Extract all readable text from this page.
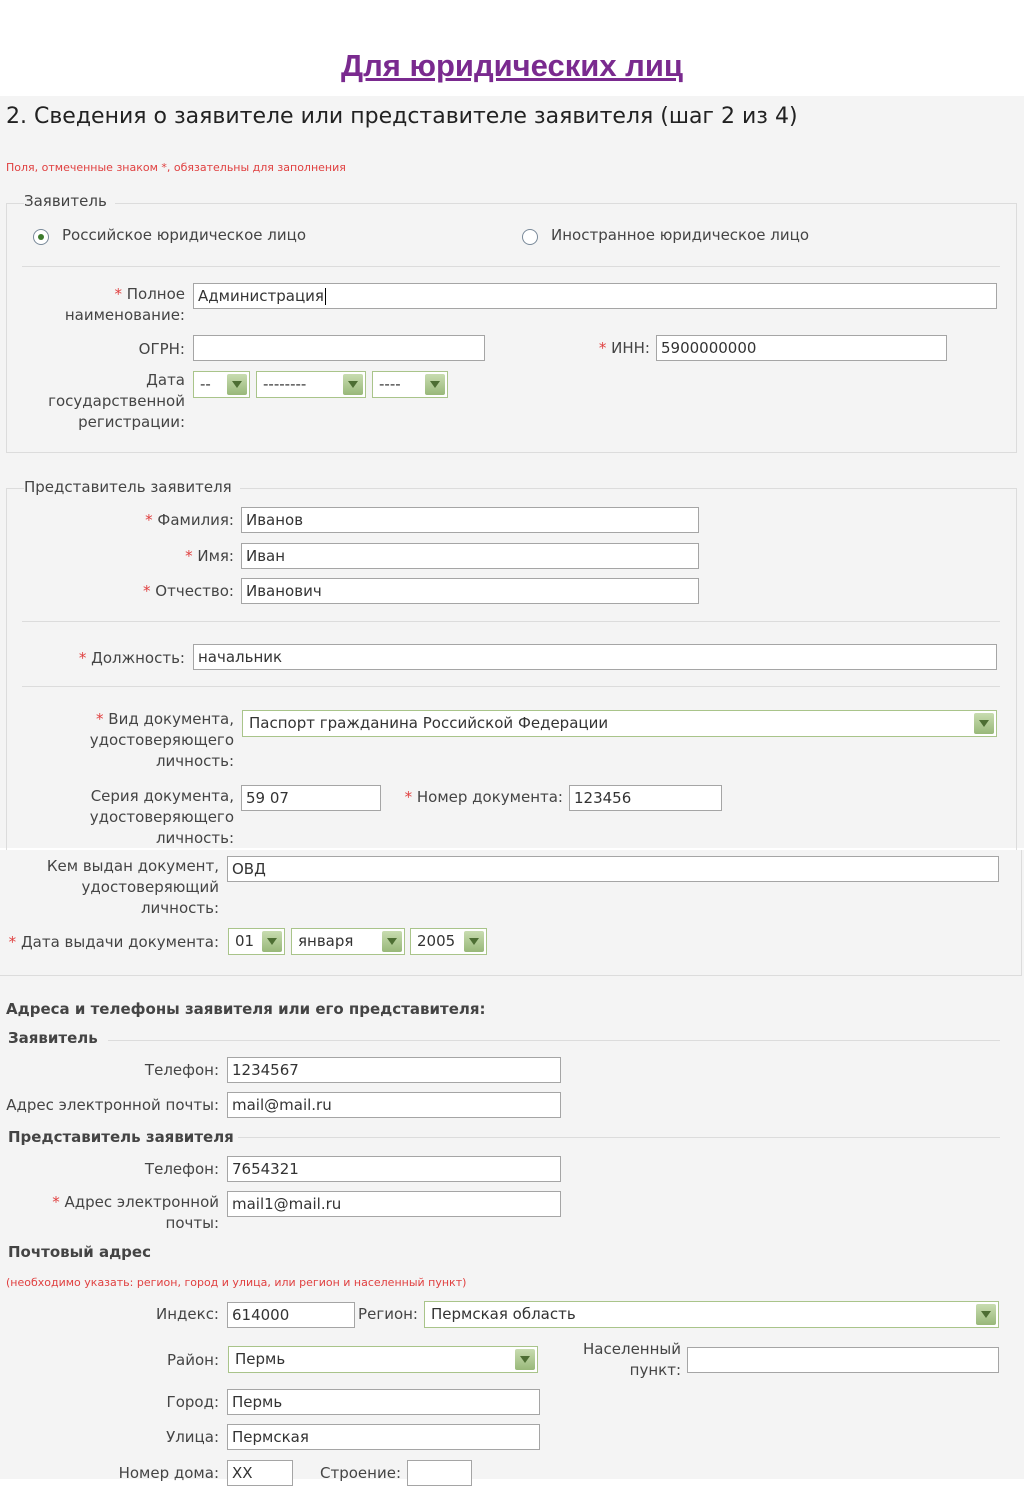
Для юридических лиц
2. Сведения о заявителе или представителе заявителя (шаг 2 из 4)
Поля, отмеченные знаком *, обязательны для заполнения
Заявитель
Российское юридическое лицо	Иностранное юридическое лицо
* Полное наименование:
Администрация
ОГРН:	* ИНН: 5900000000
Дата государственной регистрации:
--	--------	----
Представитель заявителя
* Фамилия: Иванов
* Имя: Иван
* Отчество: Иванович
* Должность: начальник
* Вид документа, удостоверяющего личность:
Паспорт гражданина Российской Федерации
Серия документа, удостоверяющего личность:
59 07	* Номер документа: 123456
Кем выдан документ, удостоверяющий личность:
ОВД
* Дата выдачи документа:	01	января	2005
Адреса и телефоны заявителя или его представителя:
Заявитель
Телефон: 1234567
Адрес электронной почты: mail@mail.ru
Представитель заявителя
Телефон: 7654321
* Адрес электронной почты:
mail1@mail.ru
Почтовый адрес
(необходимо указать: регион, город и улица, или регион и населенный пункт)
Индекс: 614000	Регион: Пермская область
Район:	Пермь
Населенный пункт:
Город: Пермь
Улица: Пермская
Номер дома: ХХ	Строение:
